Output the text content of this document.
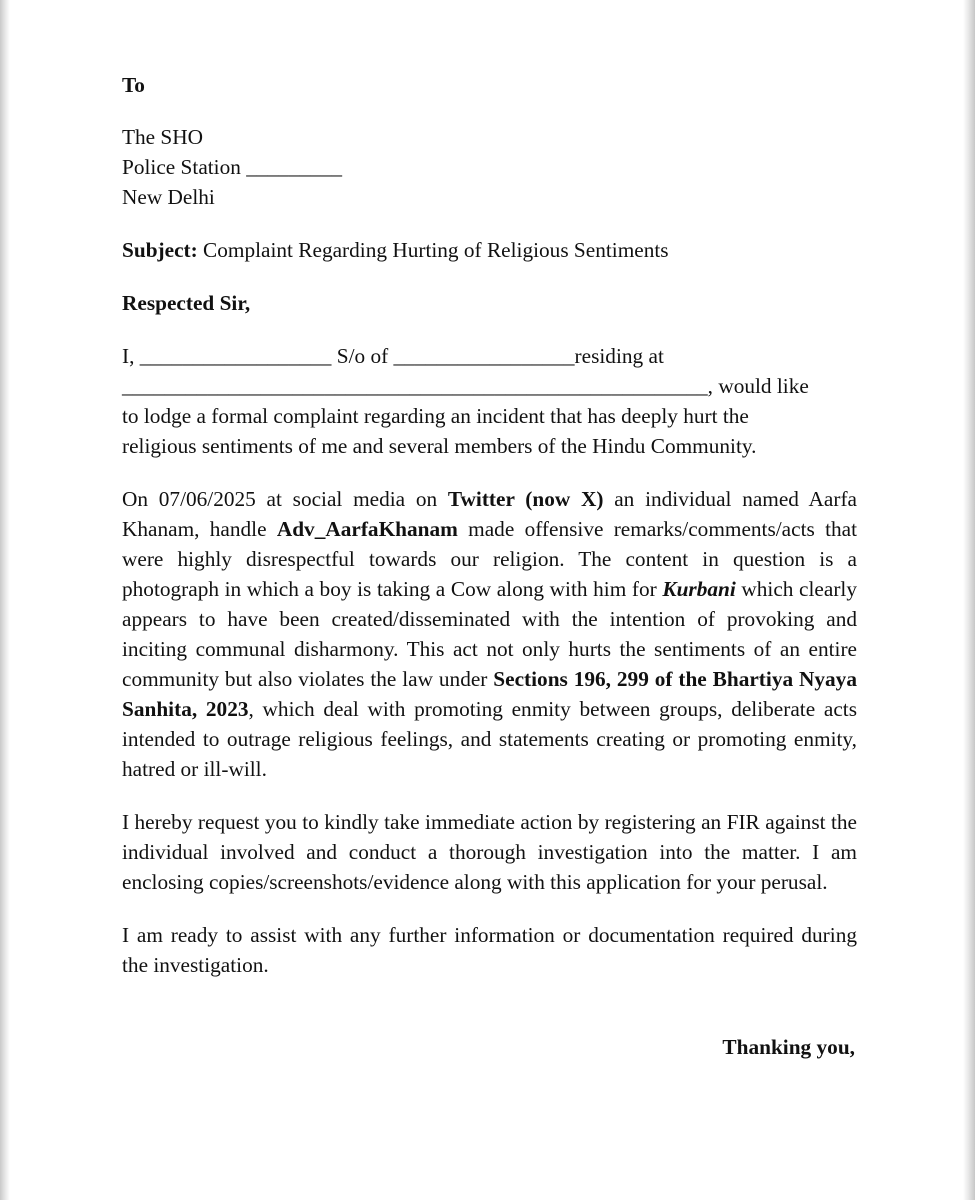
To

The SHO
Police Station _________
New Delhi

Subject: Complaint Regarding Hurting of Religious Sentiments

Respected Sir,

I, __________________ S/o of _________________residing at
_______________________________________________________, would like
to lodge a formal complaint regarding an incident that has deeply hurt the
religious sentiments of me and several members of the Hindu Community.

On 07/06/2025 at social media on Twitter (now X) an individual named Aarfa Khanam, handle Adv_AarfaKhanam made offensive remarks/comments/acts that were highly disrespectful towards our religion. The content in question is a photograph in which a boy is taking a Cow along with him for Kurbani which clearly appears to have been created/disseminated with the intention of provoking and inciting communal disharmony. This act not only hurts the sentiments of an entire community but also violates the law under Sections 196, 299 of the Bhartiya Nyaya Sanhita, 2023, which deal with promoting enmity between groups, deliberate acts intended to outrage religious feelings, and statements creating or promoting enmity, hatred or ill-will.

I hereby request you to kindly take immediate action by registering an FIR against the individual involved and conduct a thorough investigation into the matter. I am enclosing copies/screenshots/evidence along with this application for your perusal.

I am ready to assist with any further information or documentation required during the investigation.

Thanking you,
